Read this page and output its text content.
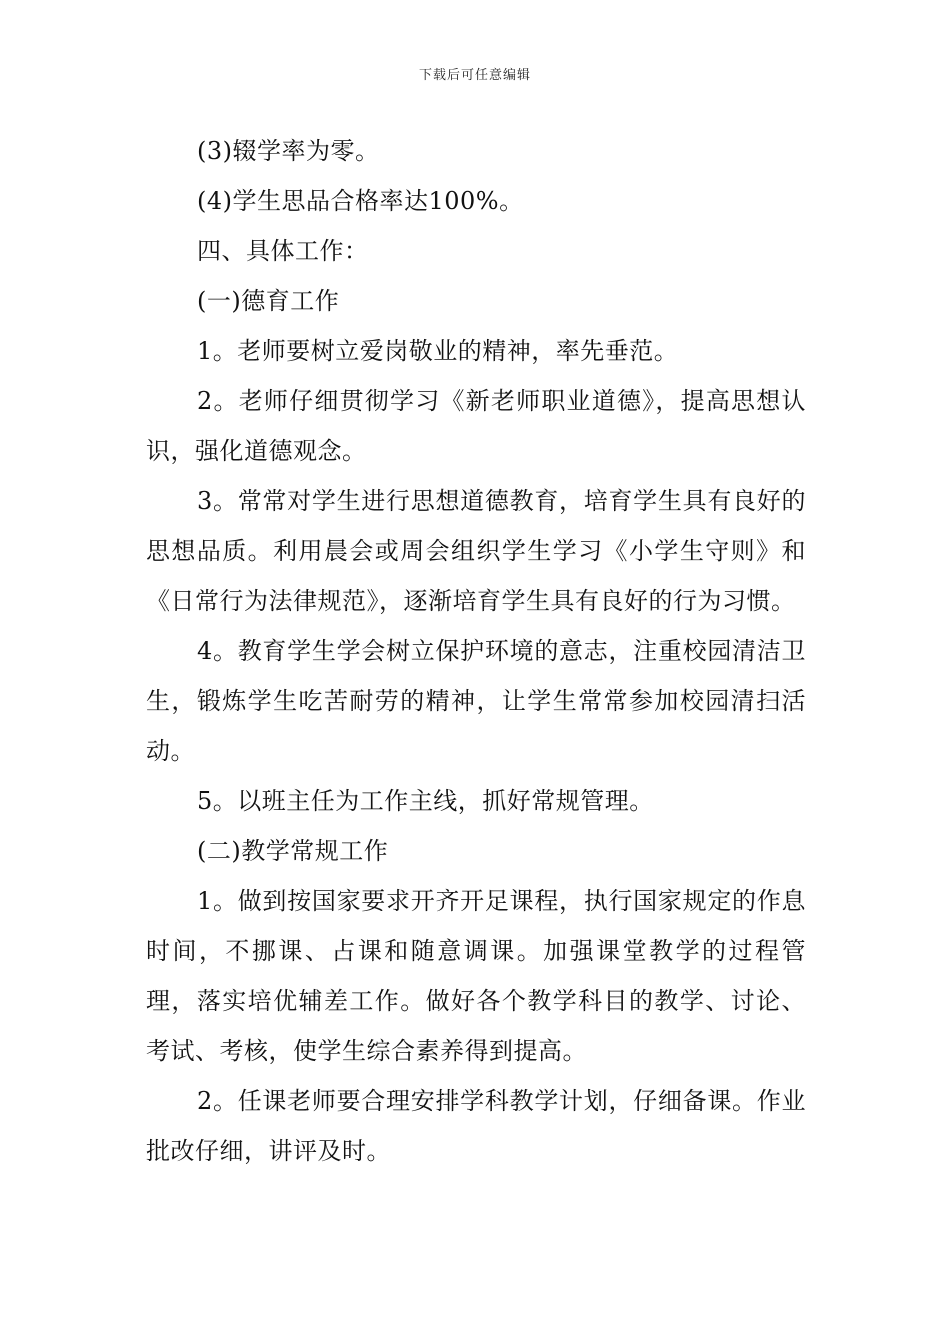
下载后可任意编辑

(3)辍学率为零。

(4)学生思品合格率达100%。

四、具体工作：

(一)德育工作

1。老师要树立爱岗敬业的精神，率先垂范。

2。老师仔细贯彻学习《新老师职业道德》，提高思想认识，强化道德观念。

3。常常对学生进行思想道德教育，培育学生具有良好的思想品质。利用晨会或周会组织学生学习《小学生守则》和《日常行为法律规范》，逐渐培育学生具有良好的行为习惯。

4。教育学生学会树立保护环境的意志，注重校园清洁卫生，锻炼学生吃苦耐劳的精神，让学生常常参加校园清扫活动。

5。以班主任为工作主线，抓好常规管理。

(二)教学常规工作

1。做到按国家要求开齐开足课程，执行国家规定的作息时间，不挪课、占课和随意调课。加强课堂教学的过程管理，落实培优辅差工作。做好各个教学科目的教学、讨论、考试、考核，使学生综合素养得到提高。

2。任课老师要合理安排学科教学计划，仔细备课。作业批改仔细，讲评及时。
